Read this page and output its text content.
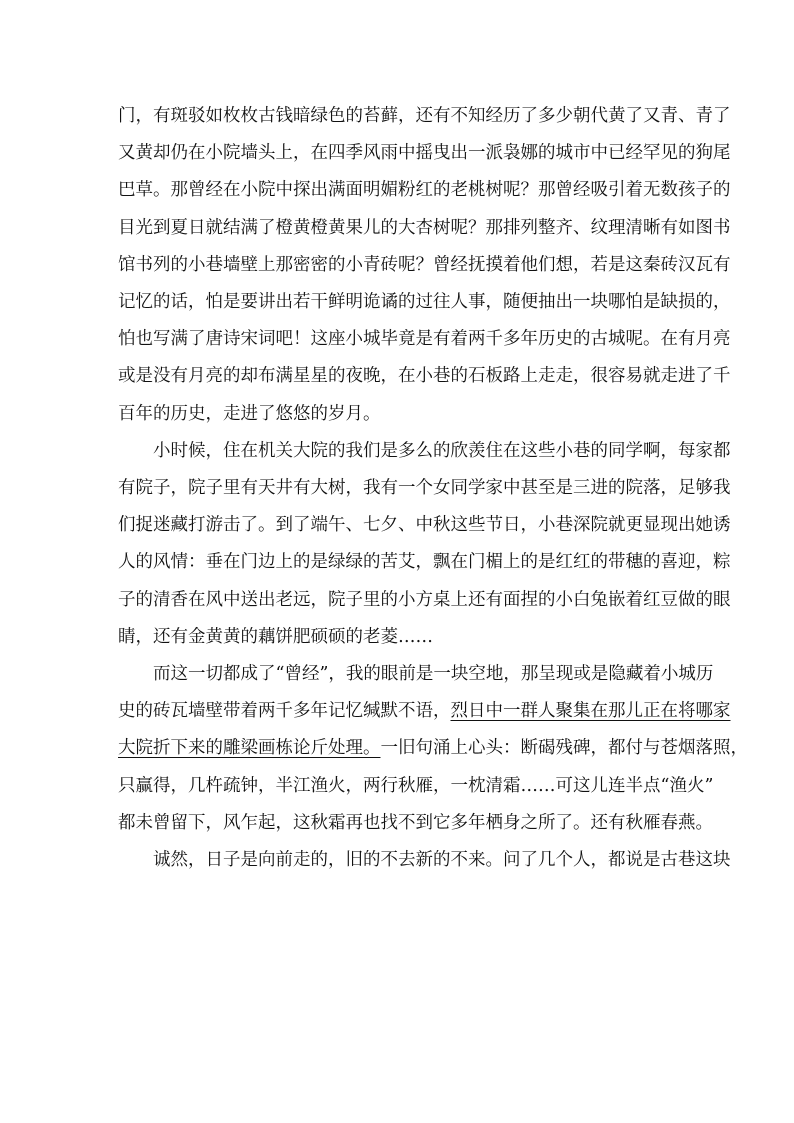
门，有斑驳如枚枚古钱暗绿色的苔藓，还有不知经历了多少朝代黄了又青、青了
又黄却仍在小院墙头上，在四季风雨中摇曳出一派袅娜的城市中已经罕见的狗尾
巴草。那曾经在小院中探出满面明媚粉红的老桃树呢？那曾经吸引着无数孩子的
目光到夏日就结满了橙黄橙黄果儿的大杏树呢？那排列整齐、纹理清晰有如图书
馆书列的小巷墙壁上那密密的小青砖呢？曾经抚摸着他们想，若是这秦砖汉瓦有
记忆的话，怕是要讲出若干鲜明诡谲的过往人事，随便抽出一块哪怕是缺损的，
怕也写满了唐诗宋词吧！这座小城毕竟是有着两千多年历史的古城呢。在有月亮
或是没有月亮的却布满星星的夜晚，在小巷的石板路上走走，很容易就走进了千
百年的历史，走进了悠悠的岁月。

小时候，住在机关大院的我们是多么的欣羡住在这些小巷的同学啊，每家都
有院子，院子里有天井有大树，我有一个女同学家中甚至是三进的院落，足够我
们捉迷藏打游击了。到了端午、七夕、中秋这些节日，小巷深院就更显现出她诱
人的风情：垂在门边上的是绿绿的苦艾，飘在门楣上的是红红的带穗的喜迎，粽
子的清香在风中送出老远，院子里的小方桌上还有面捏的小白兔嵌着红豆做的眼
睛，还有金黄黄的藕饼肥硕硕的老菱……

而这一切都成了“曾经”，我的眼前是一块空地，那呈现或是隐藏着小城历
史的砖瓦墙壁带着两千多年记忆缄默不语，烈日中一群人聚集在那儿正在将哪家
大院折下来的雕梁画栋论斤处理。一旧句涌上心头：断碣残碑，都付与苍烟落照，
只赢得，几杵疏钟，半江渔火，两行秋雁，一枕清霜……可这儿连半点“渔火”
都未曾留下，风乍起，这秋霜再也找不到它多年栖身之所了。还有秋雁春燕。

诚然，日子是向前走的，旧的不去新的不来。问了几个人，都说是古巷这块
